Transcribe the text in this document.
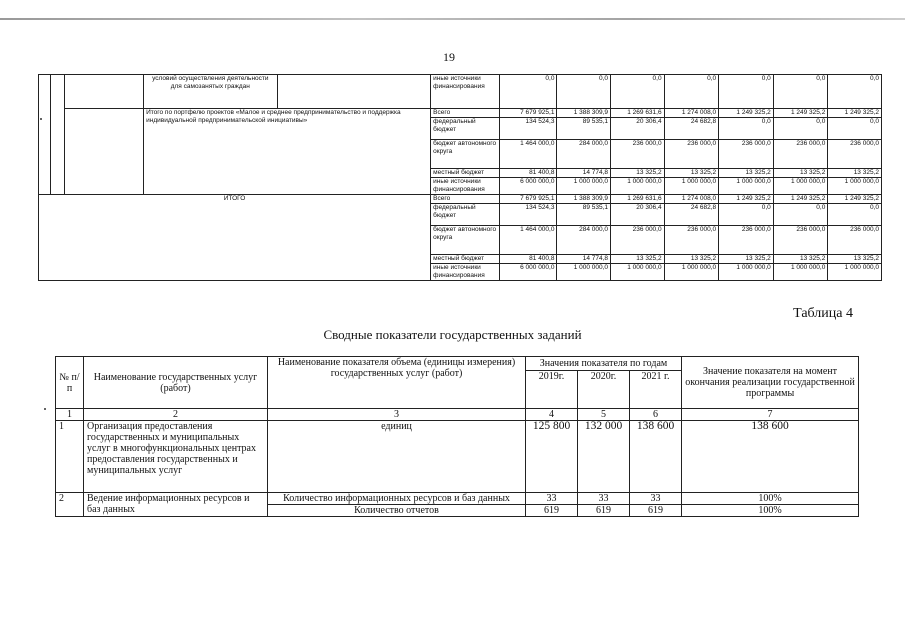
19
			условий осуществления деятельности для самозанятых граждан		иные источники финансирования	0,0	0,0	0,0	0,0	0,0	0,0	0,0
			Итого по портфелю проектов «Малое и среднее предпринимательство и поддержка индивидуальной предпринимательской инициативы»		Всего	7 679 925,1	1 388 309,9	1 269 631,6	1 274 008,0	1 249 325,2	1 249 325,2	1 249 325,2
					федеральный бюджет	134 524,3	89 535,1	20 306,4	24 682,8	0,0	0,0	0,0
					бюджет автономного округа	1 464 000,0	284 000,0	236 000,0	236 000,0	236 000,0	236 000,0	236 000,0
					местный бюджет	81 400,8	14 774,8	13 325,2	13 325,2	13 325,2	13 325,2	13 325,2
					иные источники финансирования	6 000 000,0	1 000 000,0	1 000 000,0	1 000 000,0	1 000 000,0	1 000 000,0	1 000 000,0
ИТОГО					Всего	7 679 925,1	1 388 309,9	1 269 631,6	1 274 008,0	1 249 325,2	1 249 325,2	1 249 325,2
					федеральный бюджет	134 524,3	89 535,1	20 306,4	24 682,8	0,0	0,0	0,0
					бюджет автономного округа	1 464 000,0	284 000,0	236 000,0	236 000,0	236 000,0	236 000,0	236 000,0
					местный бюджет	81 400,8	14 774,8	13 325,2	13 325,2	13 325,2	13 325,2	13 325,2
					иные источники финансирования	6 000 000,0	1 000 000,0	1 000 000,0	1 000 000,0	1 000 000,0	1 000 000,0	1 000 000,0
Таблица 4
Сводные показатели государственных заданий
№ п/п	Наименование государственных услуг (работ)	Наименование показателя объема (единицы измерения) государственных услуг (работ)	Значения показателя по годам			Значение показателя на момент окончания реализации государственной программы
			2019г.	2020г.	2021 г.	
1	2	3	4	5	6	7
1	Организация предоставления государственных и муниципальных услуг в многофункциональных центрах предоставления государственных и муниципальных услуг	единиц	125 800	132 000	138 600	138 600
2	Ведение информационных ресурсов и баз данных	Количество информационных ресурсов и баз данных	33	33	33	100%
		Количество отчетов	619	619	619	100%
